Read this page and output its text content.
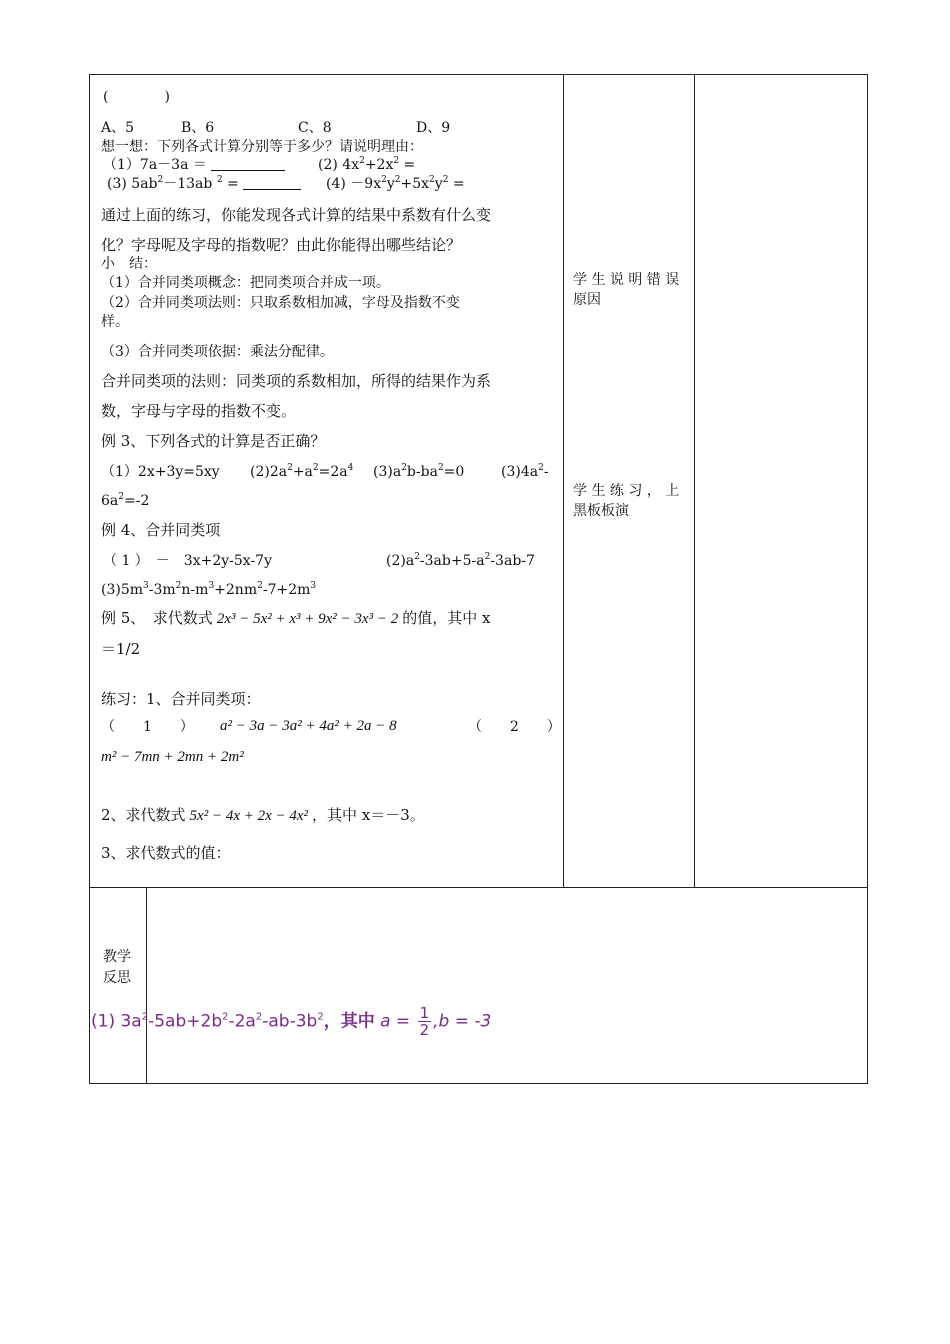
(　　　　)
A、5	B、6	C、8	D、9
想一想：下列各式计算分别等于多少？请说明理由：
（1）7a－3a ＝	(2) $4x^2+2x^2$ =
(3) $5ab^2-13ab$ $^2$ =	$(4) -9x^2y^2+5x^2y^2$ =
通过上面的练习，你能发现各式计算的结果中系数有什么变
化？字母呢及字母的指数呢？由此你能得出哪些结论？
小　结：
（1）合并同类项概念：把同类项合并成一项。
（2）合并同类项法则：只取系数相加减，字母及指数不变
样。
（3）合并同类项依据：乘法分配律。
合并同类项的法则：同类项的系数相加，所得的结果作为系
数，字母与字母的指数不变。
例 3、下列各式的计算是否正确？
（1）2x+3y=5xy $(2)2a^2+a^2=2a^4$ $(3)a^2b-ba^2=0$	$(3)4a^2-$
$6a^2=-2$
例 4、合并同类项
（ 1 ）　－　3x+2y-5x-7y	$(2)a^2-3ab+5-a^2-3ab-7$
$(3)5m^3-3m^2n-m^3+2nm^2-7+2m^3$
例 5、　求代数式 2x³ − 5x² + x³ + 9x² − 3x³ − 2 的值，其中 x
＝1/2
练习：1、合并同类项：
（　　1　　） a² − 3a − 3a² + 4a² + 2a − 8	（　　2　　）
m² − 7mn + 2mn + 2m²
2、求代数式 5x² − 4x + 2x − 4x² ，其中 x＝－3。
3、求代数式的值：
学 生 说 明 错 误
原因
学 生 练 习 ， 上
黑板板演
教学
反思
(1) $3a^2-5ab+2b^2-2a^2-ab-3b^2$，其中 $a = \frac{1}{2} ,b = -3$
